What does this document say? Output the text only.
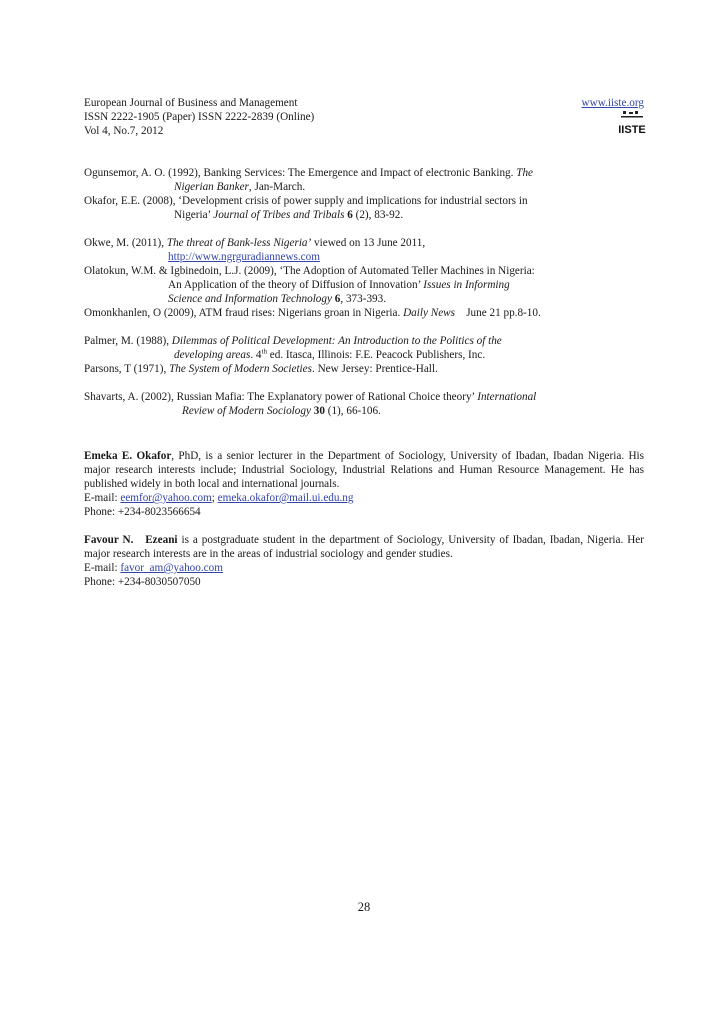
European Journal of Business and Management
ISSN 2222-1905 (Paper) ISSN 2222-2839 (Online)
Vol 4, No.7, 2012
www.iiste.org
IISTE
Ogunsemor, A. O. (1992), Banking Services: The Emergence and Impact of electronic Banking. The
Nigerian Banker, Jan-March.
Okafor, E.E. (2008), ‘Development crisis of power supply and implications for industrial sectors in
Nigeria’ Journal of Tribes and Tribals 6 (2), 83-92.
Okwe, M. (2011), The threat of Bank-less Nigeria’ viewed on 13 June 2011,
http://www.ngrguradiannews.com
Olatokun, W.M. & Igbinedoin, L.J. (2009), ‘The Adoption of Automated Teller Machines in Nigeria:
An Application of the theory of Diffusion of Innovation’ Issues in Informing
Science and Information Technology 6, 373-393.
Omonkhanlen, O (2009), ATM fraud rises: Nigerians groan in Nigeria. Daily News    June 21 pp.8-10.
Palmer, M. (1988), Dilemmas of Political Development: An Introduction to the Politics of the
developing areas. 4th ed. Itasca, Illinois: F.E. Peacock Publishers, Inc.
Parsons, T (1971), The System of Modern Societies. New Jersey: Prentice-Hall.
Shavarts, A. (2002), Russian Mafia: The Explanatory power of Rational Choice theory’ International
Review of Modern Sociology 30 (1), 66-106.

Emeka E. Okafor, PhD, is a senior lecturer in the Department of Sociology, University of Ibadan, Ibadan Nigeria. His major research interests include; Industrial Sociology, Industrial Relations and Human Resource Management. He has published widely in both local and international journals.

E-mail: eemfor@yahoo.com; emeka.okafor@mail.ui.edu.ng

Phone: +234-8023566654

Favour N.   Ezeani is a postgraduate student in the department of Sociology, University of Ibadan, Ibadan, Nigeria. Her major research interests are in the areas of industrial sociology and gender studies.

E-mail: favor_am@yahoo.com

Phone: +234-8030507050

28
